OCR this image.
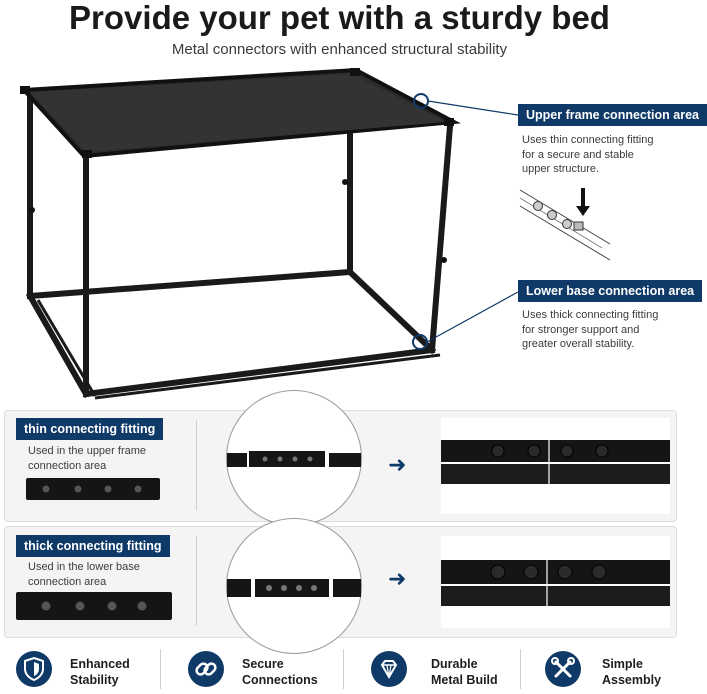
Provide your pet with a sturdy bed
Metal connectors with enhanced structural stability
Upper frame connection area
Uses thin connecting fitting
for a secure and stable
upper structure.
Lower base connection area
Uses thick connecting fitting
for stronger support and
greater overall stability.
thin connecting fitting
Used in the upper frame
connection area	➜
thick connecting fitting
Used in the lower base
connection area	➜
Enhanced
Stability
Secure
Connections
Durable
Metal Build
Simple
Assembly
